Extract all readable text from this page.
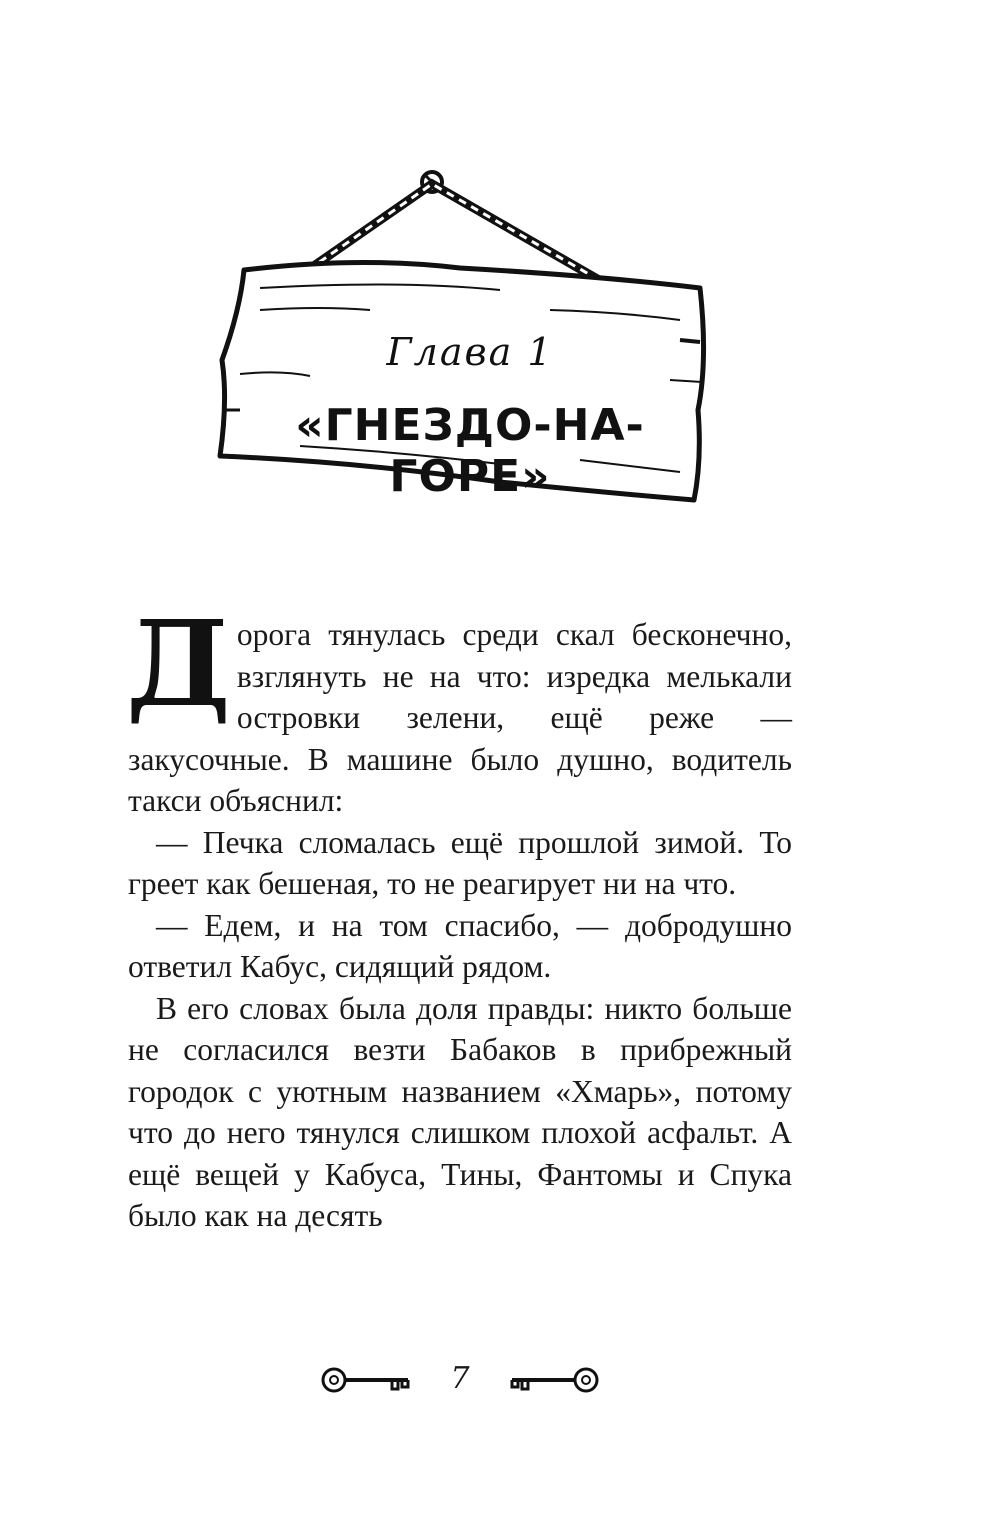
Глава 1
«ГНЕЗДО-НА-ГОРЕ»

Дорога тянулась среди скал бесконечно, взглянуть не на что: изредка мелькали островки зелени, ещё реже — закусочные. В машине было душно, водитель такси объяснил:

— Печка сломалась ещё прошлой зимой. То греет как бешеная, то не реагирует ни на что.

— Едем, и на том спасибо, — добродушно ответил Кабус, сидящий рядом.

В его словах была доля правды: никто больше не согласился везти Бабаков в прибрежный городок с уютным названием «Хмарь», потому что до него тянулся слишком плохой асфальт. А ещё вещей у Кабуса, Тины, Фантомы и Спука было как на десять

7
